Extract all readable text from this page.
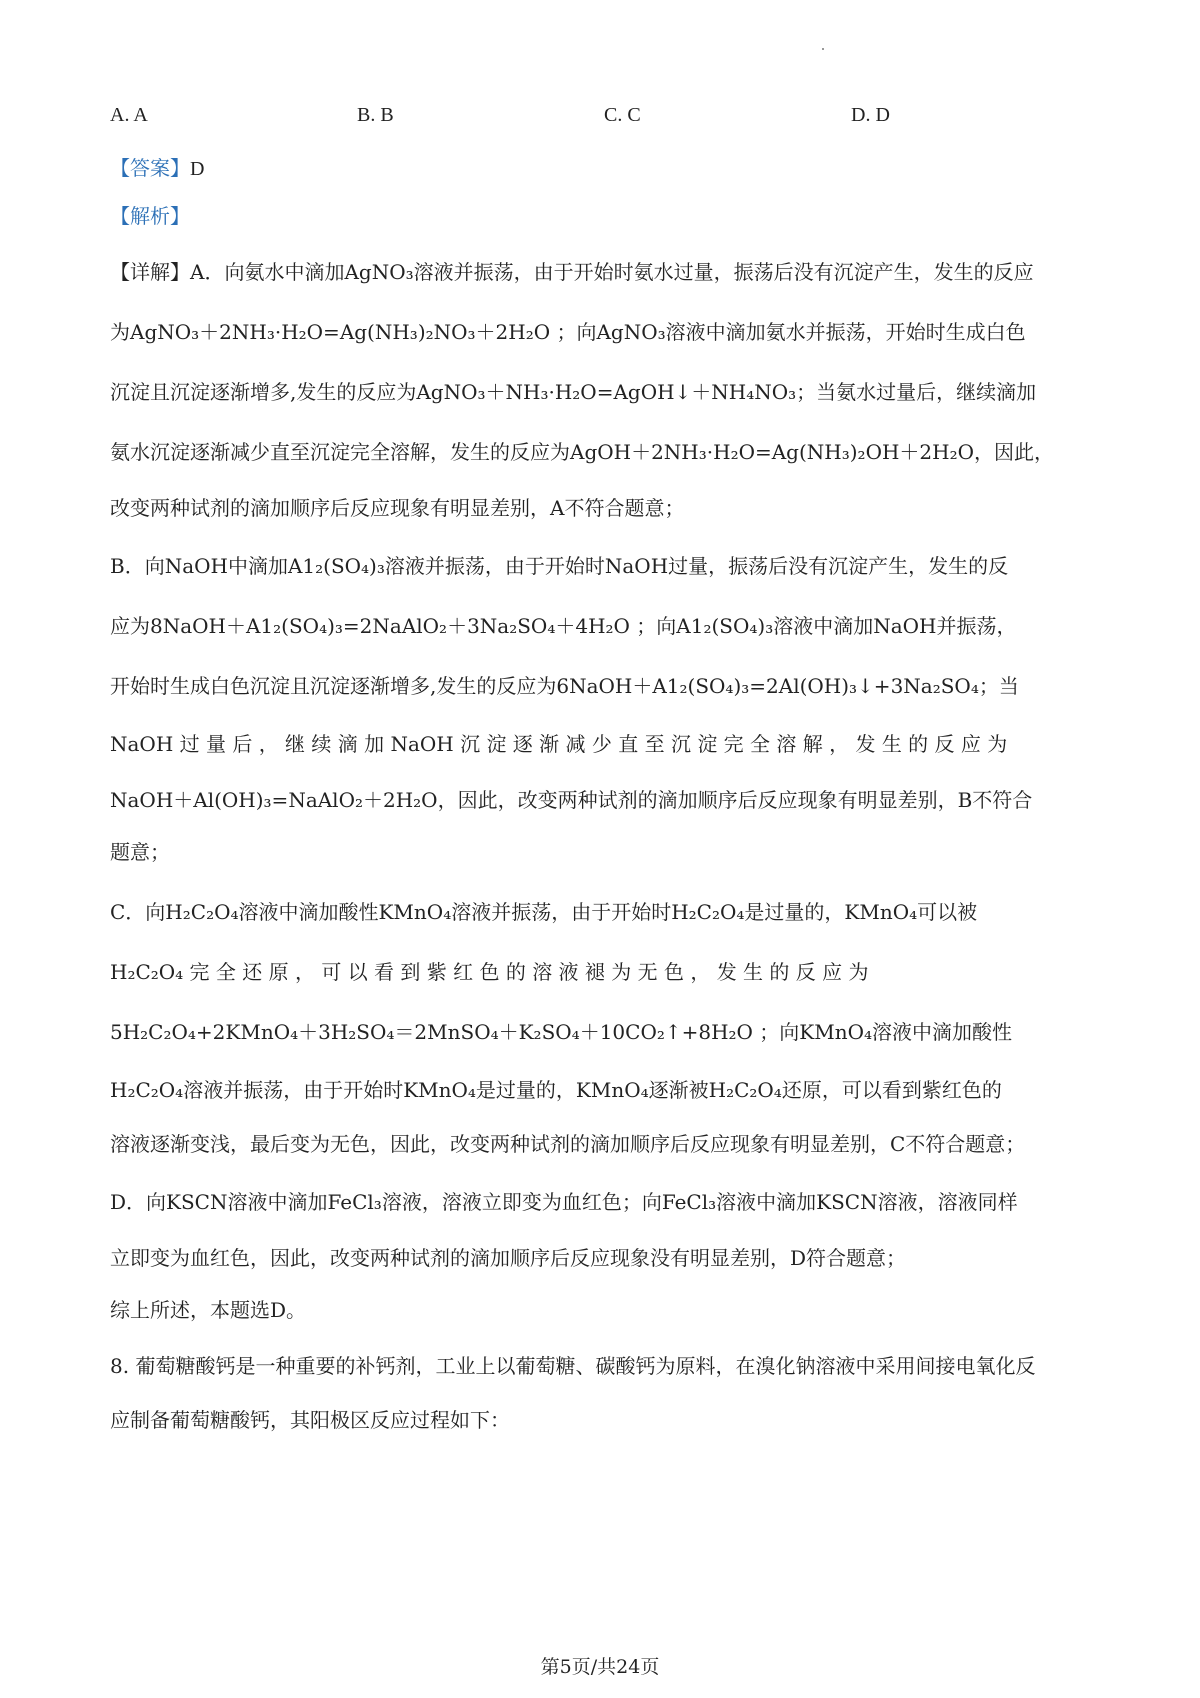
A. A	B. B	C. C	D. D
【答案】D
【解析】
【详解】A．向氨水中滴加AgNO₃溶液并振荡，由于开始时氨水过量，振荡后没有沉淀产生，发生的反应
为AgNO₃＋2NH₃·H₂O=Ag(NH₃)₂NO₃＋2H₂O ；向AgNO₃溶液中滴加氨水并振荡，开始时生成白色
沉淀且沉淀逐渐增多,发生的反应为AgNO₃＋NH₃·H₂O=AgOH↓＋NH₄NO₃；当氨水过量后，继续滴加
氨水沉淀逐渐减少直至沉淀完全溶解，发生的反应为AgOH＋2NH₃·H₂O=Ag(NH₃)₂OH＋2H₂O，因此，
改变两种试剂的滴加顺序后反应现象有明显差别，A不符合题意；
B．向NaOH中滴加A1₂(SO₄)₃溶液并振荡，由于开始时NaOH过量，振荡后没有沉淀产生，发生的反
应为8NaOH＋A1₂(SO₄)₃=2NaAlO₂＋3Na₂SO₄＋4H₂O ；向A1₂(SO₄)₃溶液中滴加NaOH并振荡，
开始时生成白色沉淀且沉淀逐渐增多,发生的反应为6NaOH＋A1₂(SO₄)₃=2Al(OH)₃↓+3Na₂SO₄；当
NaOH 过 量 后 ， 继 续 滴 加 NaOH 沉 淀 逐 渐 减 少 直 至 沉 淀 完 全 溶 解 ， 发 生 的 反 应 为
NaOH＋Al(OH)₃=NaAlO₂＋2H₂O，因此，改变两种试剂的滴加顺序后反应现象有明显差别，B不符合
题意；
C．向H₂C₂O₄溶液中滴加酸性KMnO₄溶液并振荡，由于开始时H₂C₂O₄是过量的，KMnO₄可以被
H₂C₂O₄ 完 全 还 原 ， 可 以 看 到 紫 红 色 的 溶 液 褪 为 无 色 ， 发 生 的 反 应 为
5H₂C₂O₄+2KMnO₄＋3H₂SO₄＝2MnSO₄＋K₂SO₄＋10CO₂↑+8H₂O ；向KMnO₄溶液中滴加酸性
H₂C₂O₄溶液并振荡，由于开始时KMnO₄是过量的，KMnO₄逐渐被H₂C₂O₄还原，可以看到紫红色的
溶液逐渐变浅，最后变为无色，因此，改变两种试剂的滴加顺序后反应现象有明显差别，C不符合题意；
D．向KSCN溶液中滴加FeCl₃溶液，溶液立即变为血红色；向FeCl₃溶液中滴加KSCN溶液，溶液同样
立即变为血红色，因此，改变两种试剂的滴加顺序后反应现象没有明显差别，D符合题意；
综上所述，本题选D。
8. 葡萄糖酸钙是一种重要的补钙剂，工业上以葡萄糖、碳酸钙为原料，在溴化钠溶液中采用间接电氧化反
应制备葡萄糖酸钙，其阳极区反应过程如下：
第5页/共24页
